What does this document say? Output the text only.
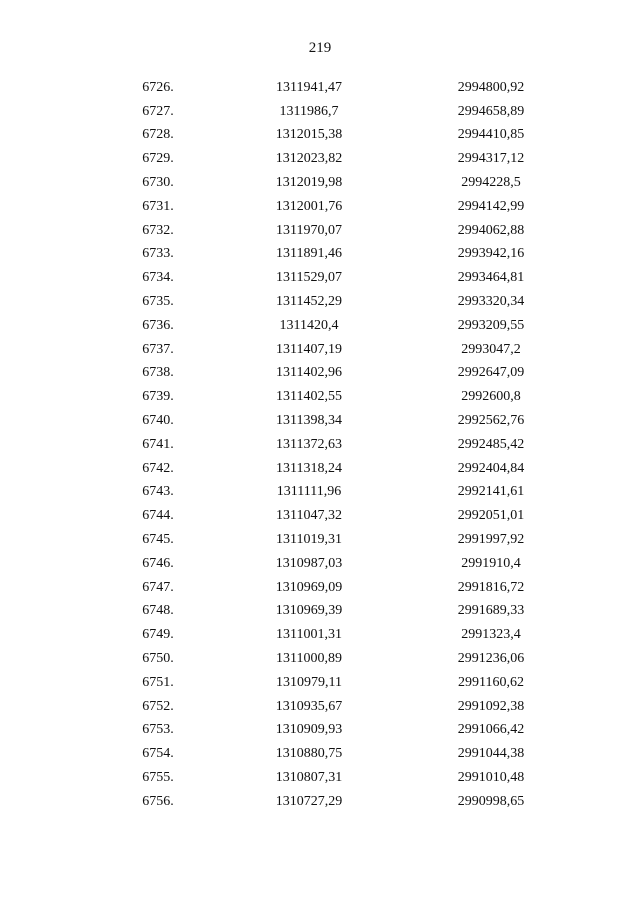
219
6726.	1311941,47	2994800,92
6727.	1311986,7	2994658,89
6728.	1312015,38	2994410,85
6729.	1312023,82	2994317,12
6730.	1312019,98	2994228,5
6731.	1312001,76	2994142,99
6732.	1311970,07	2994062,88
6733.	1311891,46	2993942,16
6734.	1311529,07	2993464,81
6735.	1311452,29	2993320,34
6736.	1311420,4	2993209,55
6737.	1311407,19	2993047,2
6738.	1311402,96	2992647,09
6739.	1311402,55	2992600,8
6740.	1311398,34	2992562,76
6741.	1311372,63	2992485,42
6742.	1311318,24	2992404,84
6743.	1311111,96	2992141,61
6744.	1311047,32	2992051,01
6745.	1311019,31	2991997,92
6746.	1310987,03	2991910,4
6747.	1310969,09	2991816,72
6748.	1310969,39	2991689,33
6749.	1311001,31	2991323,4
6750.	1311000,89	2991236,06
6751.	1310979,11	2991160,62
6752.	1310935,67	2991092,38
6753.	1310909,93	2991066,42
6754.	1310880,75	2991044,38
6755.	1310807,31	2991010,48
6756.	1310727,29	2990998,65
